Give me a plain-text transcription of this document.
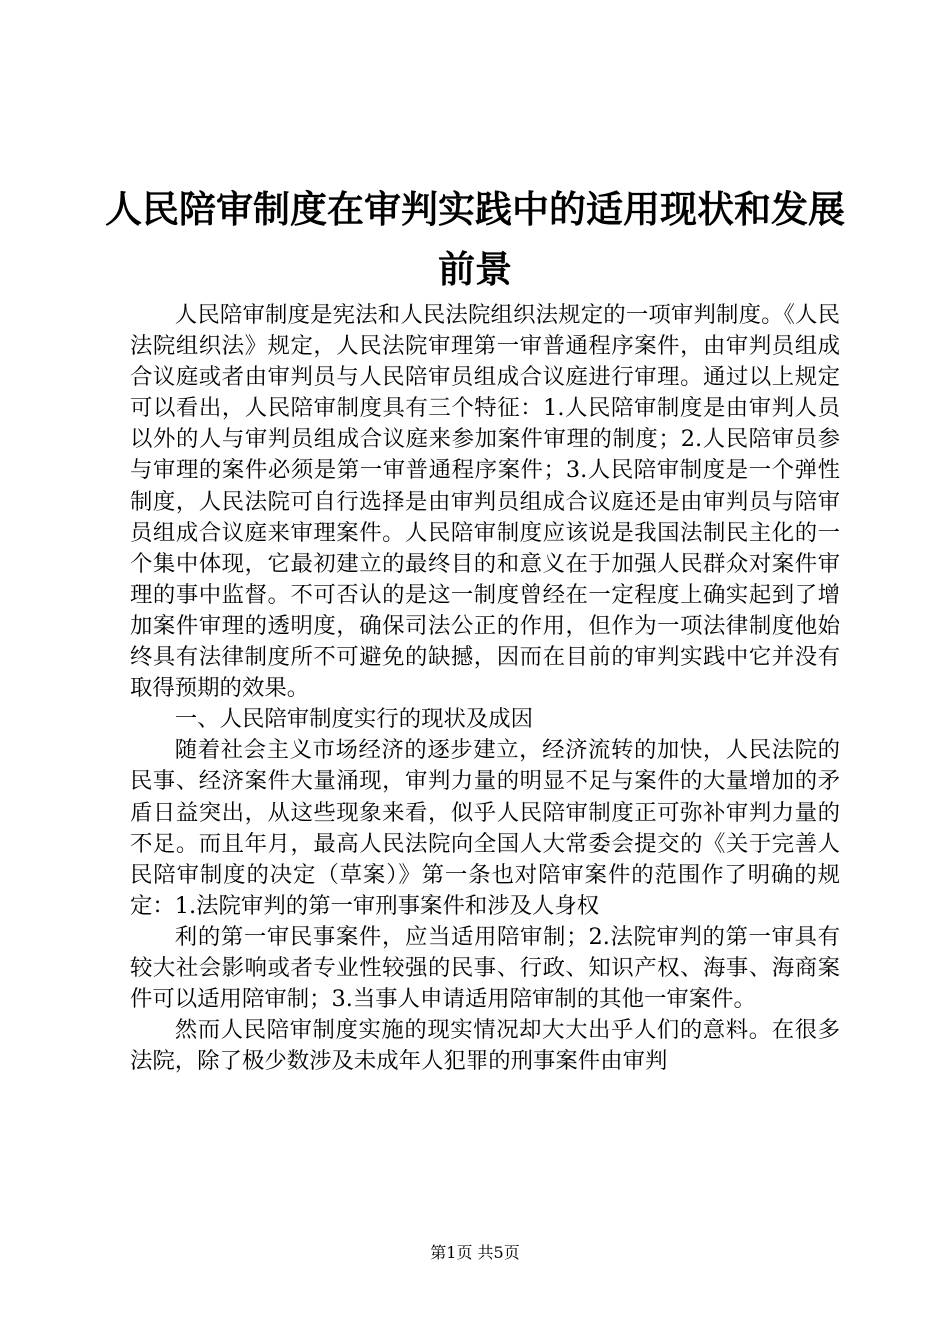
人民陪审制度在审判实践中的适用现状和发展
前景

人民陪审制度是宪法和人民法院组织法规定的一项审判制度。《人民法院组织法》规定，人民法院审理第一审普通程序案件，由审判员组成合议庭或者由审判员与人民陪审员组成合议庭进行审理。通过以上规定可以看出，人民陪审制度具有三个特征：1.人民陪审制度是由审判人员以外的人与审判员组成合议庭来参加案件审理的制度；2.人民陪审员参与审理的案件必须是第一审普通程序案件；3.人民陪审制度是一个弹性制度，人民法院可自行选择是由审判员组成合议庭还是由审判员与陪审员组成合议庭来审理案件。人民陪审制度应该说是我国法制民主化的一个集中体现，它最初建立的最终目的和意义在于加强人民群众对案件审理的事中监督。不可否认的是这一制度曾经在一定程度上确实起到了增加案件审理的透明度，确保司法公正的作用，但作为一项法律制度他始终具有法律制度所不可避免的缺撼，因而在目前的审判实践中它并没有取得预期的效果。

一、人民陪审制度实行的现状及成因

随着社会主义市场经济的逐步建立，经济流转的加快，人民法院的民事、经济案件大量涌现，审判力量的明显不足与案件的大量增加的矛盾日益突出，从这些现象来看，似乎人民陪审制度正可弥补审判力量的不足。而且年月，最高人民法院向全国人大常委会提交的《关于完善人民陪审制度的决定（草案）》第一条也对陪审案件的范围作了明确的规定：1.法院审判的第一审刑事案件和涉及人身权

利的第一审民事案件，应当适用陪审制；2.法院审判的第一审具有较大社会影响或者专业性较强的民事、行政、知识产权、海事、海商案件可以适用陪审制；3.当事人申请适用陪审制的其他一审案件。

然而人民陪审制度实施的现实情况却大大出乎人们的意料。在很多法院，除了极少数涉及未成年人犯罪的刑事案件由审判

第1页 共5页
